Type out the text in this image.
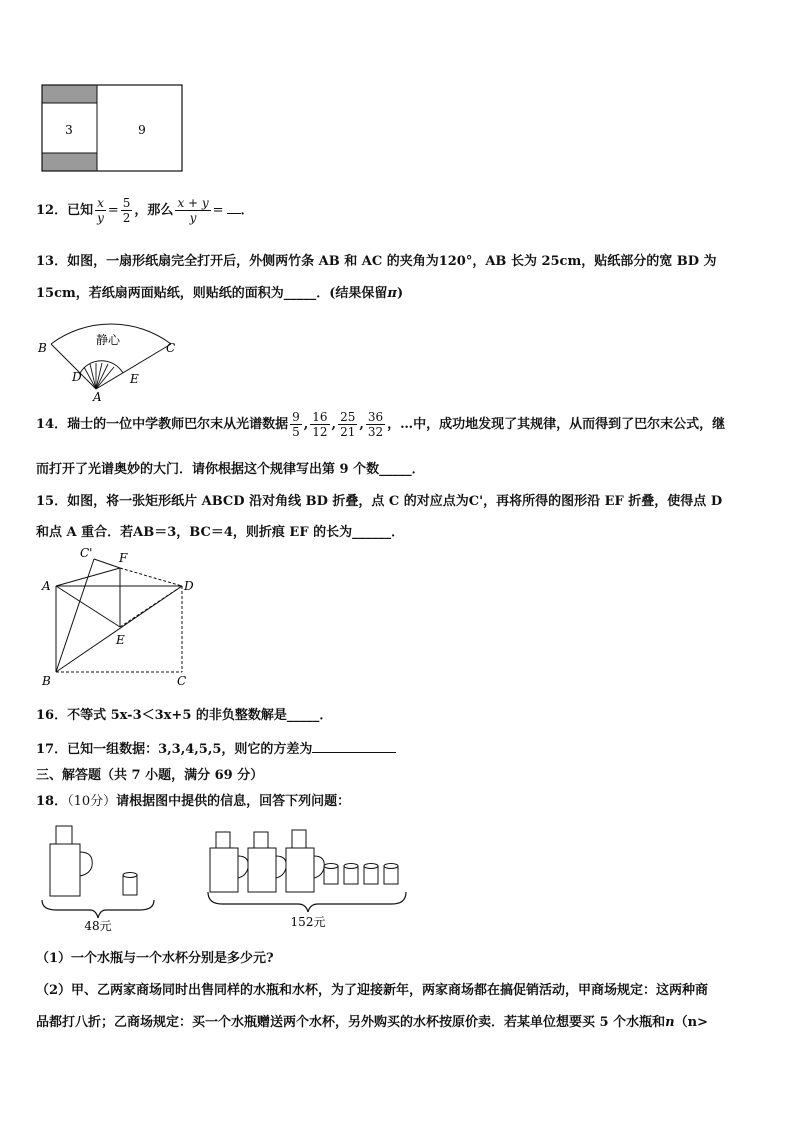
3	9
12．已知 $\frac{x}{y} = \frac{5}{2}$ ，那么 $\frac{x + y}{y}$ = ．
13．如图，一扇形纸扇完全打开后，外侧两竹条 AB 和 AC 的夹角为120°，AB 长为 25cm，贴纸部分的宽 BD 为
15cm，若纸扇两面贴纸，则贴纸的面积为_____．(结果保留π)
静心
B	C
D	E
A
14．瑞士的一位中学教师巴尔末从光谱数据 $\frac{9}{5}$ , $\frac{16}{12}$ , $\frac{25}{21}$ , $\frac{36}{32}$ ，…中，成功地发现了其规律，从而得到了巴尔末公式，继
而打开了光谱奥妙的大门．请你根据这个规律写出第 9 个数_____．
15．如图，将一张矩形纸片 ABCD 沿对角线 BD 折叠，点 C 的对应点为C'，再将所得的图形沿 EF 折叠，使得点 D
和点 A 重合．若AB＝3，BC＝4，则折痕 EF 的长为______．
C' F
A	D
E
B	C
16．不等式 5x-3＜3x+5 的非负整数解是_____．
17．已知一组数据：3,3,4,5,5，则它的方差为
三、解答题（共 7 小题，满分 69 分）
18．（10分）请根据图中提供的信息，回答下列问题：
48元	152元
（1）一个水瓶与一个水杯分别是多少元?
（2）甲、乙两家商场同时出售同样的水瓶和水杯，为了迎接新年，两家商场都在搞促销活动，甲商场规定：这两种商
品都打八折；乙商场规定：买一个水瓶赠送两个水杯，另外购买的水杯按原价卖．若某单位想要买 5 个水瓶和n（n>
